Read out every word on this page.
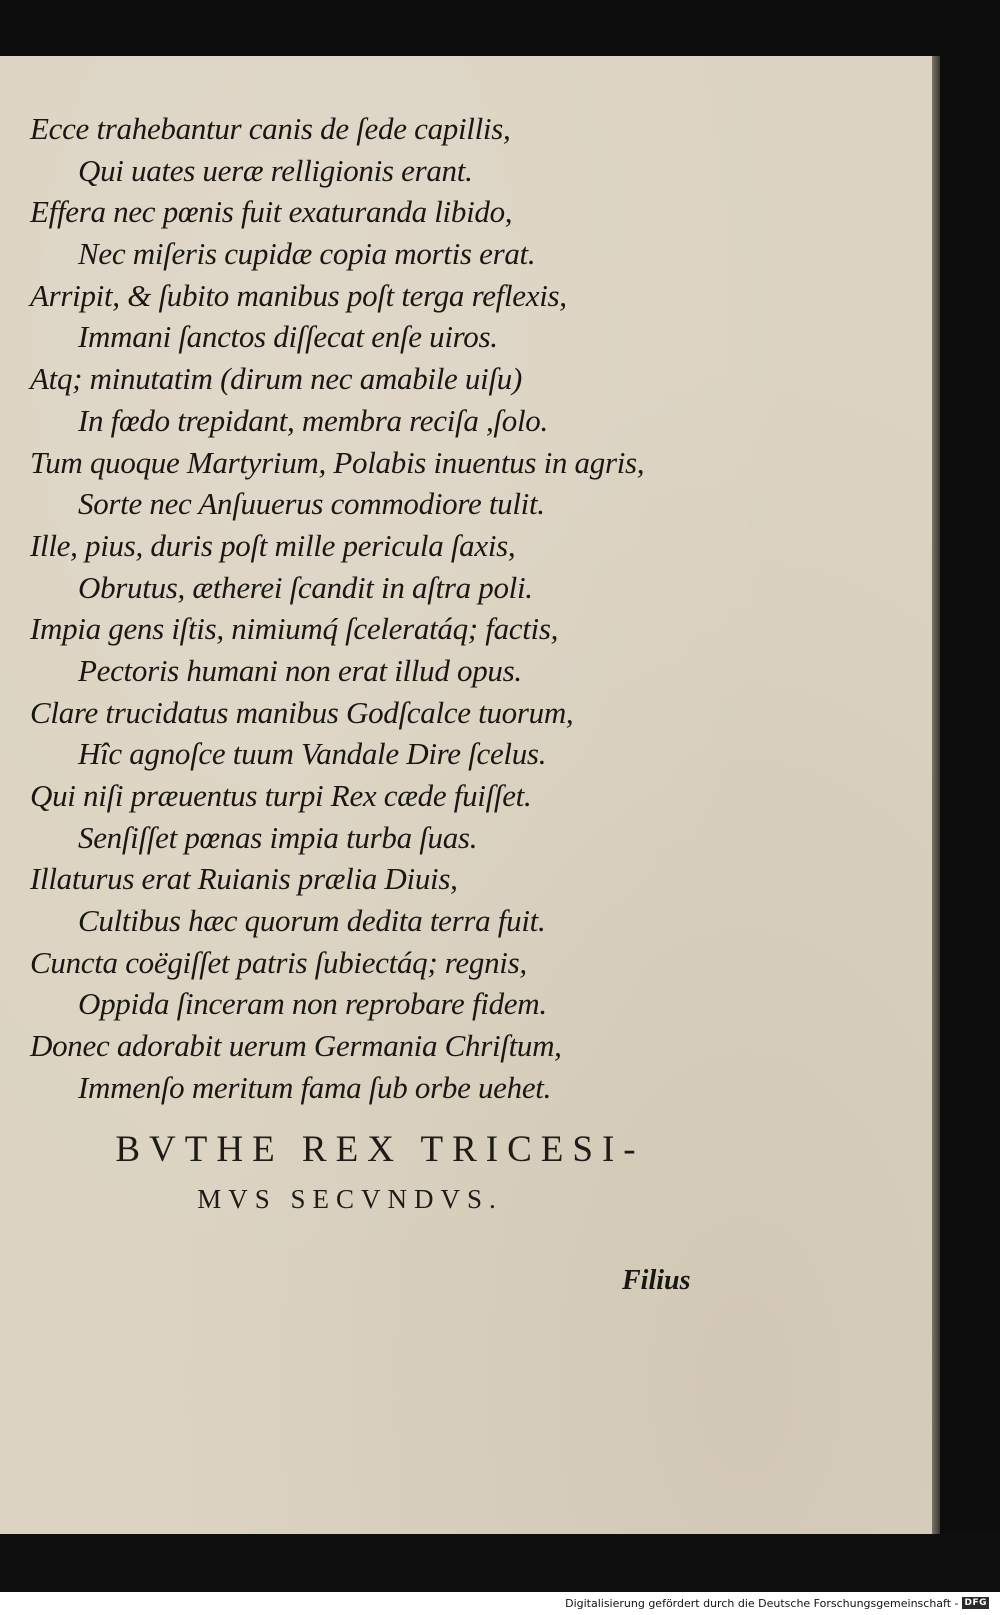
Ecce trahebantur canis de ſede capillis,
Qui uates ueræ relligionis erant.
Effera nec pœnis fuit exaturanda libido,
Nec miſeris cupidæ copia mortis erat.
Arripit, & ſubito manibus poſt terga reflexis,
Immani ſanctos diſſecat enſe uiros.
Atq; minutatim (dirum nec amabile uiſu)
In fœdo trepidant, membra reciſa ,ſolo.
Tum quoque Martyrium, Polabis inuentus in agris,
Sorte nec Anſuuerus commodiore tulit.
Ille, pius, duris poſt mille pericula ſaxis,
Obrutus, ætherei ſcandit in aſtra poli.
Impia gens iſtis, nimiumq́ ſceleratáq; factis,
Pectoris humani non erat illud opus.
Clare trucidatus manibus Godſcalce tuorum,
Hîc agnoſce tuum Vandale Dire ſcelus.
Qui niſi præuentus turpi Rex cæde fuiſſet.
Senſiſſet pœnas impia turba ſuas.
Illaturus erat Ruianis prælia Diuis,
Cultibus hæc quorum dedita terra fuit.
Cuncta coëgiſſet patris ſubiectáq; regnis,
Oppida ſinceram non reprobare fidem.
Donec adorabit uerum Germania Chriſtum,
Immenſo meritum fama ſub orbe uehet.
BVTHE REX TRICESI-
MVS SECVNDVS.
Filius
Digitalisierung gefördert durch die Deutsche Forschungsgemeinschaft - DFG
